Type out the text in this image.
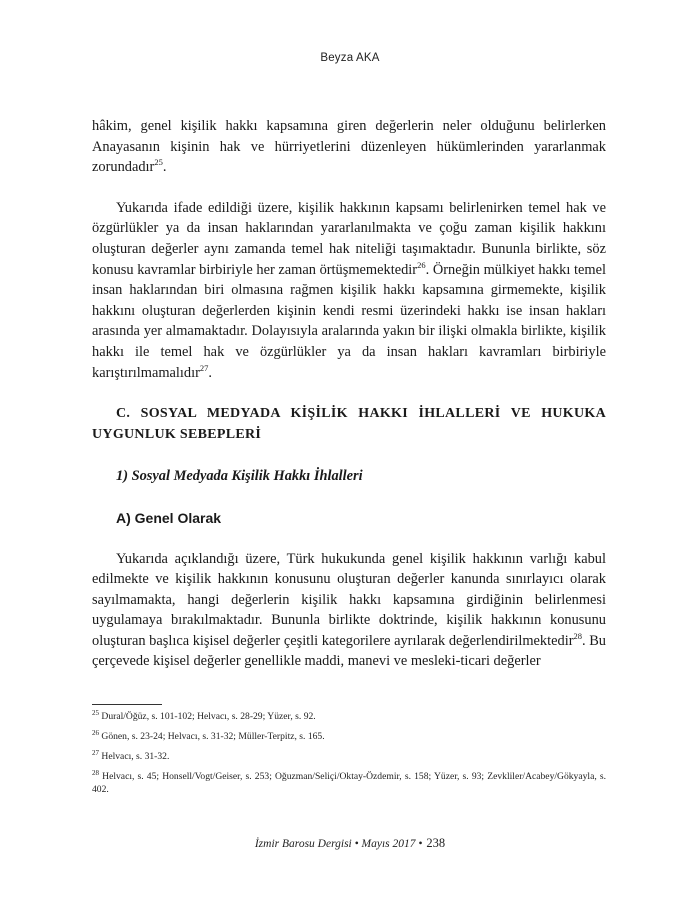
Beyza AKA

hâkim, genel kişilik hakkı kapsamına giren değerlerin neler olduğunu belirlerken Anayasanın kişinin hak ve hürriyetlerini düzenleyen hükümlerinden yararlanmak zorundadır$^{25}$.

Yukarıda ifade edildiği üzere, kişilik hakkının kapsamı belirlenirken temel hak ve özgürlükler ya da insan haklarından yararlanılmakta ve çoğu zaman kişilik hakkını oluşturan değerler aynı zamanda temel hak niteliği taşımaktadır. Bununla birlikte, söz konusu kavramlar birbiriyle her zaman örtüşmemektedir$^{26}$. Örneğin mülkiyet hakkı temel insan haklarından biri olmasına rağmen kişilik hakkı kapsamına girmemekte, kişilik hakkını oluşturan değerlerden kişinin kendi resmi üzerindeki hakkı ise insan hakları arasında yer almamaktadır. Dolayısıyla aralarında yakın bir ilişki olmakla birlikte, kişilik hakkı ile temel hak ve özgürlükler ya da insan hakları kavramları birbiriyle karıştırılmamalıdır$^{27}$.

C. SOSYAL MEDYADA KİŞİLİK HAKKI İHLALLERİ VE HUKUKA UYGUNLUK SEBEPLERİ

1) Sosyal Medyada Kişilik Hakkı İhlalleri

A) Genel Olarak

Yukarıda açıklandığı üzere, Türk hukukunda genel kişilik hakkının varlığı kabul edilmekte ve kişilik hakkının konusunu oluşturan değerler kanunda sınırlayıcı olarak sayılmamakta, hangi değerlerin kişilik hakkı kapsamına girdiğinin belirlenmesi uygulamaya bırakılmaktadır. Bununla birlikte doktrinde, kişilik hakkının konusunu oluşturan başlıca kişisel değerler çeşitli kategorilere ayrılarak değerlendirilmektedir$^{28}$. Bu çerçevede kişisel değerler genellikle maddi, manevi ve mesleki-ticari değerler

$^{25}$ Dural/Öğüz, s. 101-102; Helvacı, s. 28-29; Yüzer, s. 92.

$^{26}$ Gönen, s. 23-24; Helvacı, s. 31-32; Müller-Terpitz, s. 165.

$^{27}$ Helvacı, s. 31-32.

$^{28}$ Helvacı, s. 45; Honsell/Vogt/Geiser, s. 253; Oğuzman/Seliçi/Oktay-Özdemir, s. 158; Yüzer, s. 93; Zevkliler/Acabey/Gökyayla, s. 402.

İzmir Barosu Dergisi • Mayıs 2017 • 238
